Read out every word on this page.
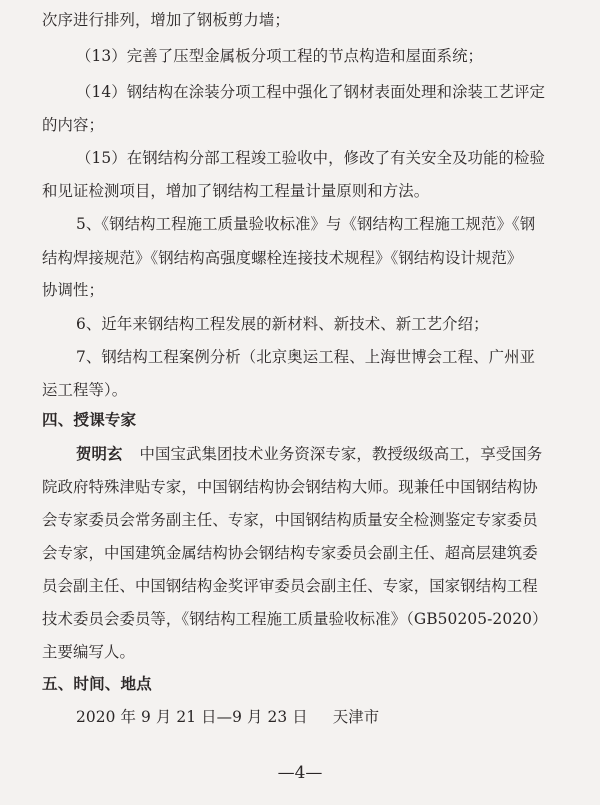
次序进行排列，增加了钢板剪力墙；
（13）完善了压型金属板分项工程的节点构造和屋面系统；
（14）钢结构在涂装分项工程中强化了钢材表面处理和涂装工艺评定
的内容；
（15）在钢结构分部工程竣工验收中，修改了有关安全及功能的检验
和见证检测项目，增加了钢结构工程量计量原则和方法。
5、《钢结构工程施工质量验收标准》与《钢结构工程施工规范》《钢
结构焊接规范》《钢结构高强度螺栓连接技术规程》《钢结构设计规范》
协调性；
6、近年来钢结构工程发展的新材料、新技术、新工艺介绍；
7、钢结构工程案例分析（北京奥运工程、上海世博会工程、广州亚
运工程等）。
四、授课专家
贺明玄 中国宝武集团技术业务资深专家，教授级级高工，享受国务
院政府特殊津贴专家，中国钢结构协会钢结构大师。现兼任中国钢结构协
会专家委员会常务副主任、专家，中国钢结构质量安全检测鉴定专家委员
会专家，中国建筑金属结构协会钢结构专家委员会副主任、超高层建筑委
员会副主任、中国钢结构金奖评审委员会副主任、专家，国家钢结构工程
技术委员会委员等，《钢结构工程施工质量验收标准》（GB50205-2020）
主要编写人。
五、时间、地点
2020 年 9 月 21 日—9 月 23 日     天津市
—4—
